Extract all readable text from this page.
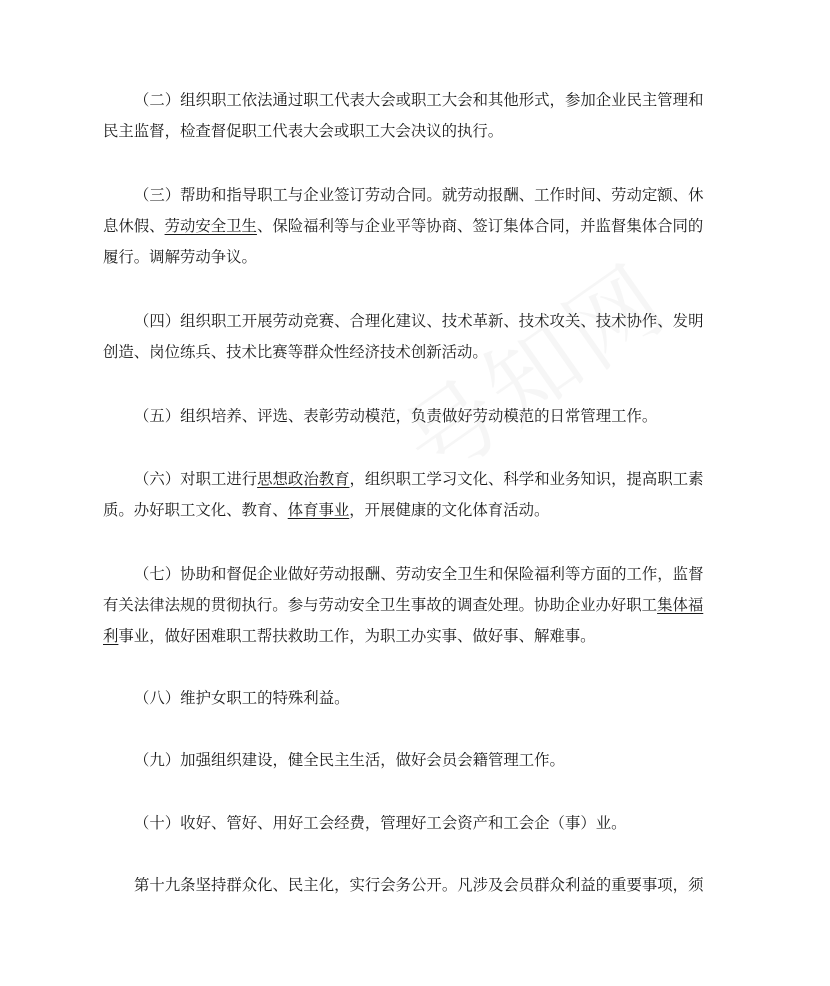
（二）组织职工依法通过职工代表大会或职工大会和其他形式，参加企业民主管理和
民主监督，检查督促职工代表大会或职工大会决议的执行。
（三）帮助和指导职工与企业签订劳动合同。就劳动报酬、工作时间、劳动定额、休
息休假、劳动安全卫生、保险福利等与企业平等协商、签订集体合同，并监督集体合同的
履行。调解劳动争议。
（四）组织职工开展劳动竞赛、合理化建议、技术革新、技术攻关、技术协作、发明
创造、岗位练兵、技术比赛等群众性经济技术创新活动。
（五）组织培养、评选、表彰劳动模范，负责做好劳动模范的日常管理工作。
（六）对职工进行思想政治教育，组织职工学习文化、科学和业务知识，提高职工素
质。办好职工文化、教育、体育事业，开展健康的文化体育活动。
（七）协助和督促企业做好劳动报酬、劳动安全卫生和保险福利等方面的工作，监督
有关法律法规的贯彻执行。参与劳动安全卫生事故的调查处理。协助企业办好职工集体福
利事业，做好困难职工帮扶救助工作，为职工办实事、做好事、解难事。
（八）维护女职工的特殊利益。
（九）加强组织建设，健全民主生活，做好会员会籍管理工作。
（十）收好、管好、用好工会经费，管理好工会资产和工会企（事）业。
第十九条坚持群众化、民主化，实行会务公开。凡涉及会员群众利益的重要事项，须
